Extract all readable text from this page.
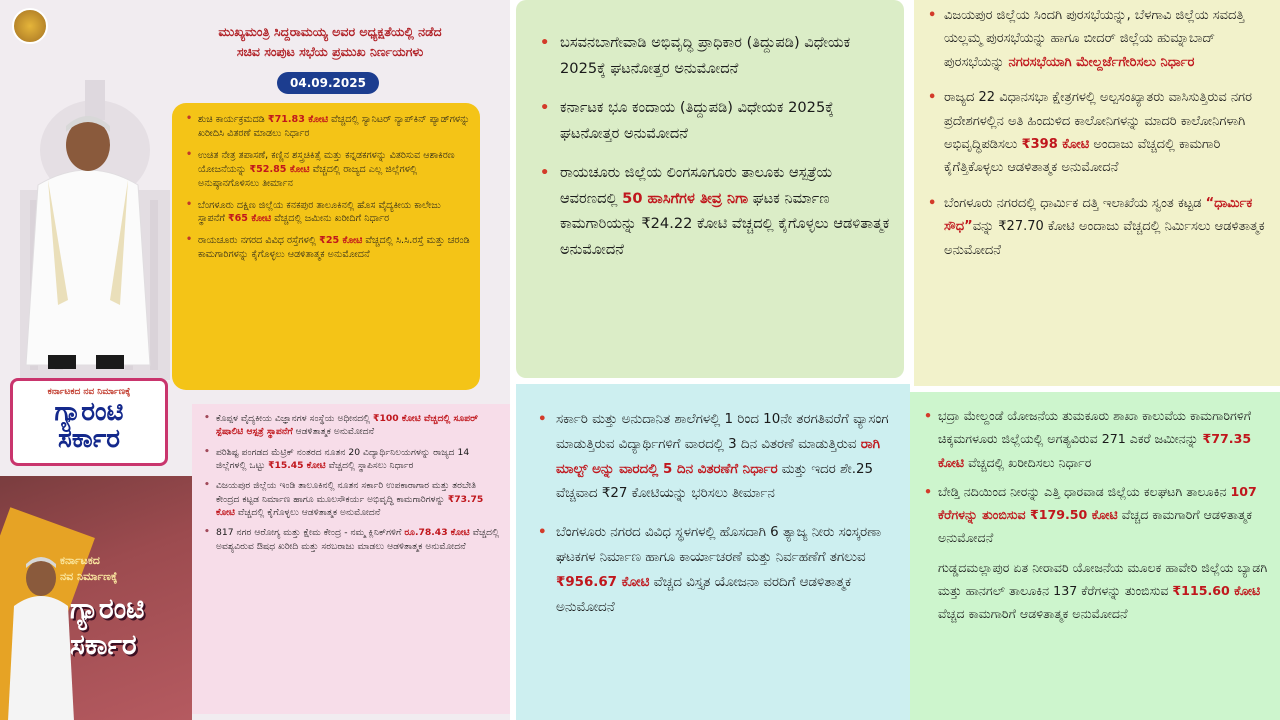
ಮುಖ್ಯಮಂತ್ರಿ ಸಿದ್ದರಾಮಯ್ಯ ಅವರ ಅಧ್ಯಕ್ಷತೆಯಲ್ಲಿ ನಡೆದ
ಸಚಿವ ಸಂಪುಟ ಸಭೆಯ ಪ್ರಮುಖ ನಿರ್ಣಯಗಳು
04.09.2025
• ಶುಚಿ ಕಾರ್ಯಕ್ರಮದಡಿ ₹71.83 ಕೋಟಿ ವೆಚ್ಚದಲ್ಲಿ ಸ್ಯಾನಿಟರ್ ನ್ಯಾಪ್‌ಕಿನ್ ಪ್ಯಾಡ್‌ಗಳನ್ನು ಖರೀದಿಸಿ ವಿತರಣೆ ಮಾಡಲು ನಿರ್ಧಾರ
• ಉಚಿತ ನೇತ್ರ ತಪಾಸಣೆ, ಕಣ್ಣಿನ ಶಸ್ತ್ರಚಿಕಿತ್ಸೆ ಮತ್ತು ಕನ್ನಡಕಗಳನ್ನು ವಿತರಿಸುವ ಆಶಾಕಿರಣ ಯೋಜನೆಯನ್ನು ₹52.85 ಕೋಟಿ ವೆಚ್ಚದಲ್ಲಿ ರಾಜ್ಯದ ಎಲ್ಲ ಜಿಲ್ಲೆಗಳಲ್ಲಿ ಅನುಷ್ಠಾನಗೊಳಿಸಲು ತೀರ್ಮಾನ
• ಬೆಂಗಳೂರು ದಕ್ಷಿಣ ಜಿಲ್ಲೆಯ ಕನಕಪುರ ತಾಲೂಕಿನಲ್ಲಿ ಹೊಸ ವೈದ್ಯಕೀಯ ಕಾಲೇಜು ಸ್ಥಾಪನೆಗೆ ₹65 ಕೋಟಿ ವೆಚ್ಚದಲ್ಲಿ ಜಮೀನು ಖರೀದಿಗೆ ನಿರ್ಧಾರ
• ರಾಯಚೂರು ನಗರದ ವಿವಿಧ ರಸ್ತೆಗಳಲ್ಲಿ ₹25 ಕೋಟಿ ವೆಚ್ಚದಲ್ಲಿ ಸಿ.ಸಿ.ರಸ್ತೆ ಮತ್ತು ಚರಂಡಿ ಕಾಮಗಾರಿಗಳನ್ನು ಕೈಗೊಳ್ಳಲು ಆಡಳಿತಾತ್ಮಕ ಅನುಮೋದನೆ
ಕರ್ನಾಟಕದ ನವ ನಿರ್ಮಾಣಕ್ಕೆ
ಗ್ಯಾರಂಟಿ
ಸರ್ಕಾರ
ಕರ್ನಾಟಕದ
ನವ ನಿರ್ಮಾಣಕ್ಕೆ
ಗ್ಯಾರಂಟಿ
ಸರ್ಕಾರ
• ಕೊಪ್ಪಳ ವೈದ್ಯಕೀಯ ವಿಜ್ಞಾನಗಳ ಸಂಸ್ಥೆಯ ಅಧೀನದಲ್ಲಿ ₹100 ಕೋಟಿ ವೆಚ್ಚದಲ್ಲಿ ಸೂಪರ್ ಸ್ಪೆಷಾಲಿಟಿ ಆಸ್ಪತ್ರೆ ಸ್ಥಾಪನೆಗೆ ಆಡಳಿತಾತ್ಮಕ ಅನುಮೋದನೆ
• ಪರಿಶಿಷ್ಟ ಪಂಗಡದ ಮೆಟ್ರಿಕ್ ನಂತರದ ನೂತನ 20 ವಿದ್ಯಾರ್ಥಿನಿಲಯಗಳನ್ನು ರಾಜ್ಯದ 14 ಜಿಲ್ಲೆಗಳಲ್ಲಿ ಒಟ್ಟು ₹15.45 ಕೋಟಿ ವೆಚ್ಚದಲ್ಲಿ ಸ್ಥಾಪಿಸಲು ನಿರ್ಧಾರ
• ವಿಜಯಪುರ ಜಿಲ್ಲೆಯ ಇಂಡಿ ತಾಲೂಕಿನಲ್ಲಿ ನೂತನ ಸರ್ಕಾರಿ ಉಪಕಾರಾಗಾರ ಮತ್ತು ತರಬೇತಿ ಕೇಂದ್ರದ ಕಟ್ಟಡ ನಿರ್ಮಾಣ ಹಾಗೂ ಮೂಲಸೌಕರ್ಯ ಅಭಿವೃದ್ಧಿ ಕಾಮಗಾರಿಗಳನ್ನು ₹73.75 ಕೋಟಿ ವೆಚ್ಚದಲ್ಲಿ ಕೈಗೊಳ್ಳಲು ಆಡಳಿತಾತ್ಮಕ ಅನುಮೋದನೆ
• 817 ನಗರ ಆರೋಗ್ಯ ಮತ್ತು ಕ್ಷೇಮ ಕೇಂದ್ರ - ನಮ್ಮ ಕ್ಲಿನಿಕ್‌ಗಳಿಗೆ ರೂ.78.43 ಕೋಟಿ ವೆಚ್ಚದಲ್ಲಿ ಅವಶ್ಯವಿರುವ ಔಷಧ ಖರೀದಿ ಮತ್ತು ಸರಬರಾಜು ಮಾಡಲು ಆಡಳಿತಾತ್ಮಕ ಅನುಮೋದನೆ
• ಬಸವನಬಾಗೇವಾಡಿ ಅಭಿವೃದ್ಧಿ ಪ್ರಾಧಿಕಾರ (ತಿದ್ದುಪಡಿ) ವಿಧೇಯಕ 2025ಕ್ಕೆ ಘಟನೋತ್ತರ ಅನುಮೋದನೆ
• ಕರ್ನಾಟಕ ಭೂ ಕಂದಾಯ (ತಿದ್ದುಪಡಿ) ವಿಧೇಯಕ 2025ಕ್ಕೆ ಘಟನೋತ್ತರ ಅನುಮೋದನೆ
• ರಾಯಚೂರು ಜಿಲ್ಲೆಯ ಲಿಂಗಸೂಗೂರು ತಾಲೂಕು ಆಸ್ಪತ್ರೆಯ ಆವರಣದಲ್ಲಿ 50 ಹಾಸಿಗೆಗಳ ತೀವ್ರ ನಿಗಾ ಘಟಕ ನಿರ್ಮಾಣ ಕಾಮಗಾರಿಯನ್ನು ₹24.22 ಕೋಟಿ ವೆಚ್ಚದಲ್ಲಿ ಕೈಗೊಳ್ಳಲು ಆಡಳಿತಾತ್ಮಕ ಅನುಮೋದನೆ
• ಸರ್ಕಾರಿ ಮತ್ತು ಅನುದಾನಿತ ಶಾಲೆಗಳಲ್ಲಿ 1 ರಿಂದ 10ನೇ ತರಗತಿವರೆಗೆ ವ್ಯಾಸಂಗ ಮಾಡುತ್ತಿರುವ ವಿದ್ಯಾರ್ಥಿಗಳಿಗೆ ವಾರದಲ್ಲಿ 3 ದಿನ ವಿತರಣೆ ಮಾಡುತ್ತಿರುವ ರಾಗಿ ಮಾಲ್ಟ್ ಅನ್ನು ವಾರದಲ್ಲಿ 5 ದಿನ ವಿತರಣೆಗೆ ನಿರ್ಧಾರ ಮತ್ತು ಇದರ ಶೇ.25 ವೆಚ್ಚವಾದ ₹27 ಕೋಟಿಯನ್ನು ಭರಿಸಲು ತೀರ್ಮಾನ
• ಬೆಂಗಳೂರು ನಗರದ ವಿವಿಧ ಸ್ಥಳಗಳಲ್ಲಿ ಹೊಸದಾಗಿ 6 ತ್ಯಾಜ್ಯ ನೀರು ಸಂಸ್ಕರಣಾ ಘಟಕಗಳ ನಿರ್ಮಾಣ ಹಾಗೂ ಕಾರ್ಯಾಚರಣೆ ಮತ್ತು ನಿರ್ವಹಣೆಗೆ ತಗಲುವ ₹956.67 ಕೋಟಿ ವೆಚ್ಚದ ವಿಸ್ತೃತ ಯೋಜನಾ ವರದಿಗೆ ಆಡಳಿತಾತ್ಮಕ ಅನುಮೋದನೆ
• ವಿಜಯಪುರ ಜಿಲ್ಲೆಯ ಸಿಂದಗಿ ಪುರಸಭೆಯನ್ನು, ಬೆಳಗಾವಿ ಜಿಲ್ಲೆಯ ಸವದತ್ತಿ ಯಲ್ಲಮ್ಮ ಪುರಸಭೆಯನ್ನು ಹಾಗೂ ಬೀದರ್ ಜಿಲ್ಲೆಯ ಹುಮ್ನಾಬಾದ್ ಪುರಸಭೆಯನ್ನು ನಗರಸಭೆಯಾಗಿ ಮೇಲ್ದರ್ಜೆಗೇರಿಸಲು ನಿರ್ಧಾರ
• ರಾಜ್ಯದ 22 ವಿಧಾನಸಭಾ ಕ್ಷೇತ್ರಗಳಲ್ಲಿ ಅಲ್ಪಸಂಖ್ಯಾತರು ವಾಸಿಸುತ್ತಿರುವ ನಗರ ಪ್ರದೇಶಗಳಲ್ಲಿನ ಅತಿ ಹಿಂದುಳಿದ ಕಾಲೋನಿಗಳನ್ನು ಮಾದರಿ ಕಾಲೋನಿಗಳಾಗಿ ಅಭಿವೃದ್ಧಿಪಡಿಸಲು ₹398 ಕೋಟಿ ಅಂದಾಜು ವೆಚ್ಚದಲ್ಲಿ ಕಾಮಗಾರಿ ಕೈಗೆತ್ತಿಕೊಳ್ಳಲು ಆಡಳಿತಾತ್ಮಕ ಅನುಮೋದನೆ
• ಬೆಂಗಳೂರು ನಗರದಲ್ಲಿ ಧಾರ್ಮಿಕ ದತ್ತಿ ಇಲಾಖೆಯ ಸ್ವಂತ ಕಟ್ಟಡ “ಧಾರ್ಮಿಕ ಸೌಧ”ವನ್ನು ₹27.70 ಕೋಟಿ ಅಂದಾಜು ವೆಚ್ಚದಲ್ಲಿ ನಿರ್ಮಿಸಲು ಆಡಳಿತಾತ್ಮಕ ಅನುಮೋದನೆ
• ಭದ್ರಾ ಮೇಲ್ದಂಡೆ ಯೋಜನೆಯ ತುಮಕೂರು ಶಾಖಾ ಕಾಲುವೆಯ ಕಾಮಗಾರಿಗಳಿಗೆ ಚಿಕ್ಕಮಗಳೂರು ಜಿಲ್ಲೆಯಲ್ಲಿ ಅಗತ್ಯವಿರುವ 271 ಎಕರೆ ಜಮೀನನ್ನು ₹77.35 ಕೋಟಿ ವೆಚ್ಚದಲ್ಲಿ ಖರೀದಿಸಲು ನಿರ್ಧಾರ
• ಬೇಡ್ತಿ ನದಿಯಿಂದ ನೀರನ್ನು ಎತ್ತಿ ಧಾರವಾಡ ಜಿಲ್ಲೆಯ ಕಲಘಟಗಿ ತಾಲೂಕಿನ 107 ಕೆರೆಗಳನ್ನು ತುಂಬಿಸುವ ₹179.50 ಕೋಟಿ ವೆಚ್ಚದ ಕಾಮಗಾರಿಗೆ ಆಡಳಿತಾತ್ಮಕ ಅನುಮೋದನೆ
ಗುಡ್ಡದಮಲ್ಲಾಪುರ ಏತ ನೀರಾವರಿ ಯೋಜನೆಯ ಮೂಲಕ ಹಾವೇರಿ ಜಿಲ್ಲೆಯ ಬ್ಯಾಡಗಿ ಮತ್ತು ಹಾನಗಲ್ ತಾಲೂಕಿನ 137 ಕೆರೆಗಳನ್ನು ತುಂಬಿಸುವ ₹115.60 ಕೋಟಿ ವೆಚ್ಚದ ಕಾಮಗಾರಿಗೆ ಆಡಳಿತಾತ್ಮಕ ಅನುಮೋದನೆ
